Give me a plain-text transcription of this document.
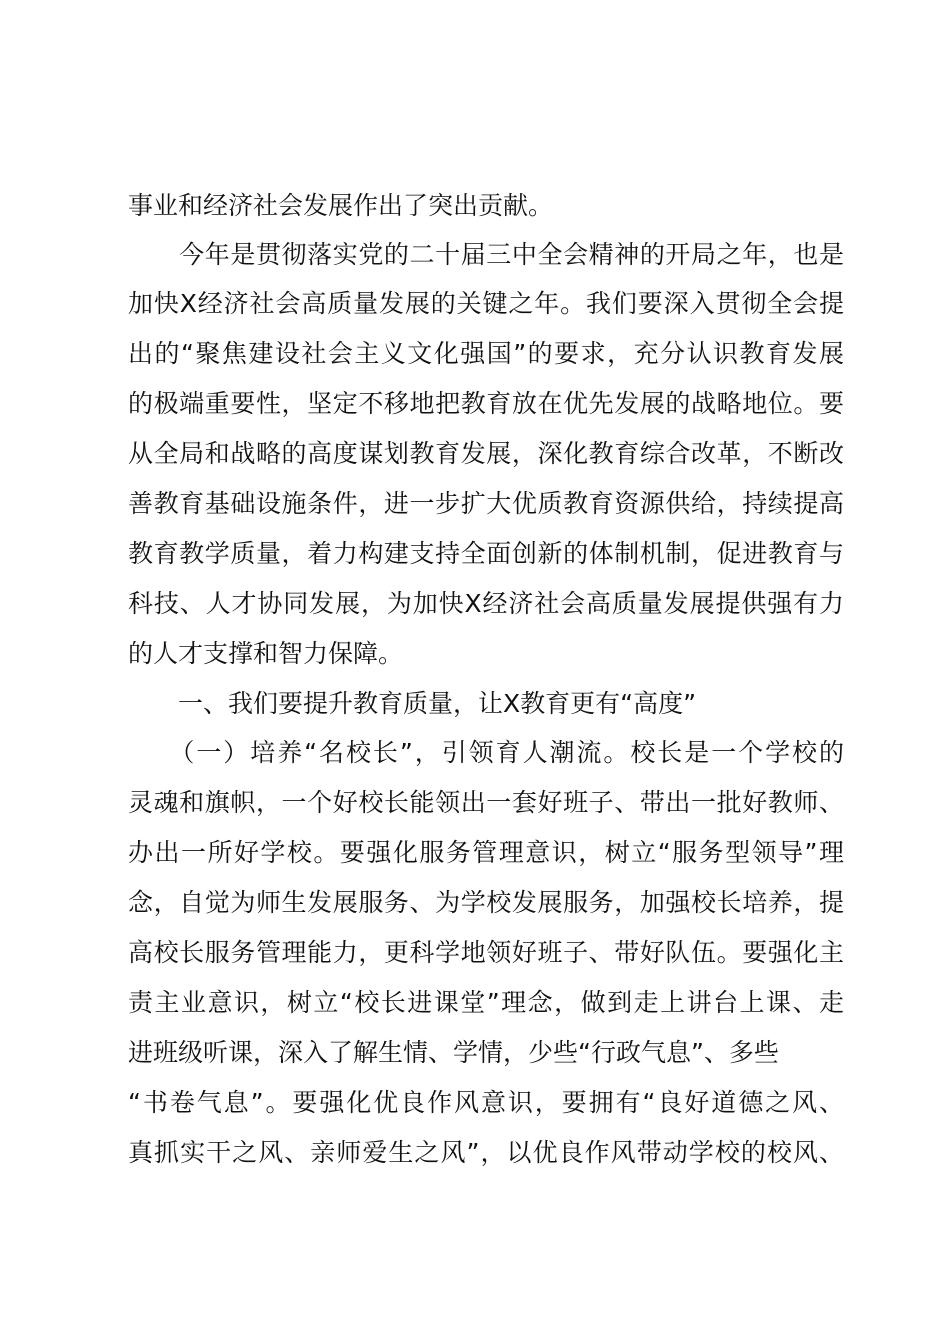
事业和经济社会发展作出了突出贡献。
　　今年是贯彻落实党的二十届三中全会精神的开局之年，也是
加快X经济社会高质量发展的关键之年。我们要深入贯彻全会提
出的“聚焦建设社会主义文化强国”的要求，充分认识教育发展
的极端重要性，坚定不移地把教育放在优先发展的战略地位。要
从全局和战略的高度谋划教育发展，深化教育综合改革，不断改
善教育基础设施条件，进一步扩大优质教育资源供给，持续提高
教育教学质量，着力构建支持全面创新的体制机制，促进教育与
科技、人才协同发展，为加快X经济社会高质量发展提供强有力
的人才支撑和智力保障。
　　一、我们要提升教育质量，让X教育更有“高度”
　　（一）培养“名校长”，引领育人潮流。校长是一个学校的
灵魂和旗帜，一个好校长能领出一套好班子、带出一批好教师、
办出一所好学校。要强化服务管理意识，树立“服务型领导”理
念，自觉为师生发展服务、为学校发展服务，加强校长培养，提
高校长服务管理能力，更科学地领好班子、带好队伍。要强化主
责主业意识，树立“校长进课堂”理念，做到走上讲台上课、走
进班级听课，深入了解生情、学情，少些“行政气息”、多些
“书卷气息”。要强化优良作风意识，要拥有“良好道德之风、
真抓实干之风、亲师爱生之风”，以优良作风带动学校的校风、
